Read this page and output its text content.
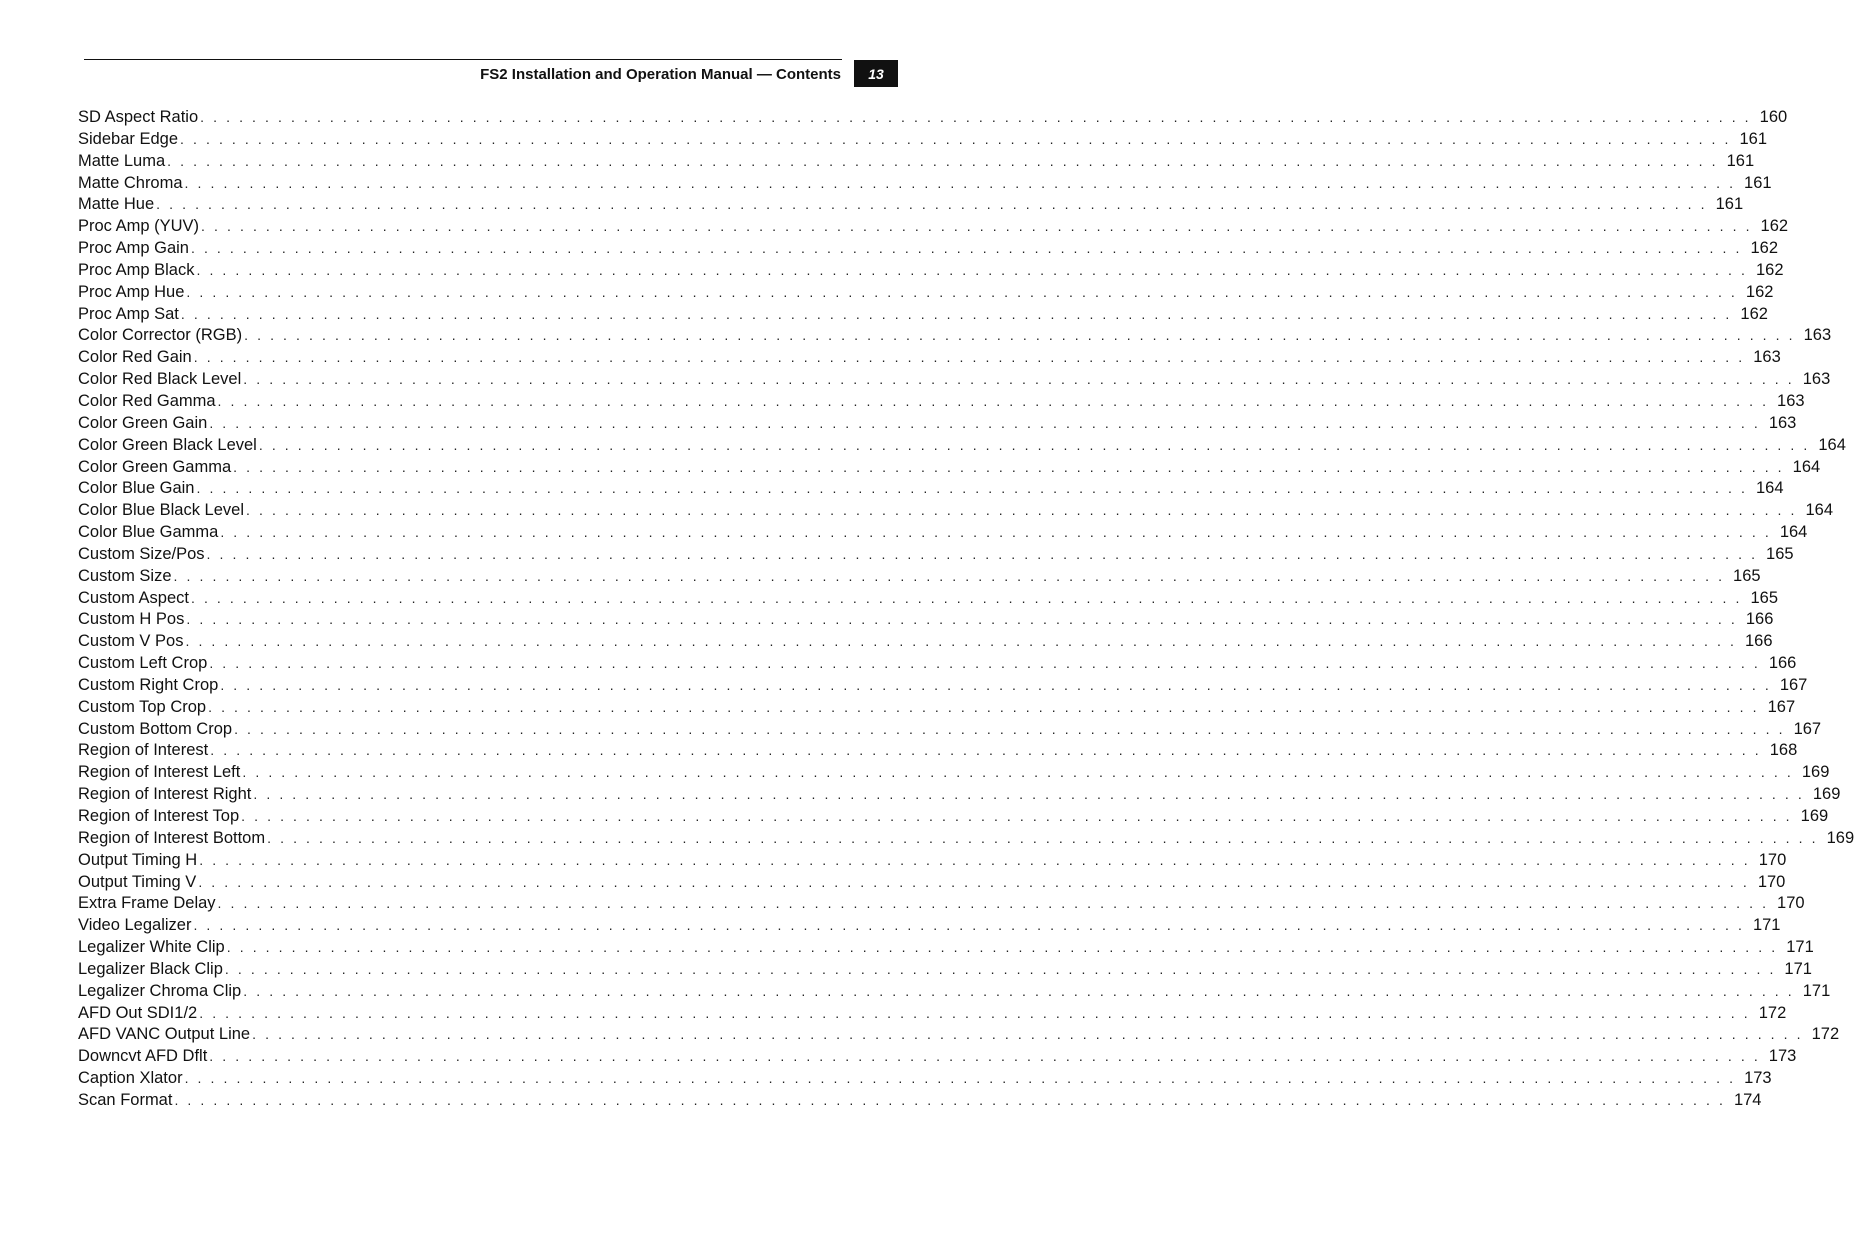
FS2 Installation and Operation Manual — Contents	13
SD Aspect Ratio . . . . . . . . . . . . . . . . . . . . . . . . . . . . . . . . . . . . . . . . . . . . . . . . . . . . . . . . . . . . . . . . . . . . . . . . . . . . . . . . . . . . . . . . . . . . . . . . . . . . . . . . . . . . . . . . . . . . . . . . 160
Sidebar Edge . . . . . . . . . . . . . . . . . . . . . . . . . . . . . . . . . . . . . . . . . . . . . . . . . . . . . . . . . . . . . . . . . . . . . . . . . . . . . . . . . . . . . . . . . . . . . . . . . . . . . . . . . . . . . . . . . . . . . . . . 161
Matte Luma . . . . . . . . . . . . . . . . . . . . . . . . . . . . . . . . . . . . . . . . . . . . . . . . . . . . . . . . . . . . . . . . . . . . . . . . . . . . . . . . . . . . . . . . . . . . . . . . . . . . . . . . . . . . . . . . . . . . . . . . 161
Matte Chroma . . . . . . . . . . . . . . . . . . . . . . . . . . . . . . . . . . . . . . . . . . . . . . . . . . . . . . . . . . . . . . . . . . . . . . . . . . . . . . . . . . . . . . . . . . . . . . . . . . . . . . . . . . . . . . . . . . . . . . . . 161
Matte Hue . . . . . . . . . . . . . . . . . . . . . . . . . . . . . . . . . . . . . . . . . . . . . . . . . . . . . . . . . . . . . . . . . . . . . . . . . . . . . . . . . . . . . . . . . . . . . . . . . . . . . . . . . . . . . . . . . . . . . . . . 161
Proc Amp (YUV) . . . . . . . . . . . . . . . . . . . . . . . . . . . . . . . . . . . . . . . . . . . . . . . . . . . . . . . . . . . . . . . . . . . . . . . . . . . . . . . . . . . . . . . . . . . . . . . . . . . . . . . . . . . . . . . . . . . . . . . . 162
Proc Amp Gain . . . . . . . . . . . . . . . . . . . . . . . . . . . . . . . . . . . . . . . . . . . . . . . . . . . . . . . . . . . . . . . . . . . . . . . . . . . . . . . . . . . . . . . . . . . . . . . . . . . . . . . . . . . . . . . . . . . . . . . . 162
Proc Amp Black . . . . . . . . . . . . . . . . . . . . . . . . . . . . . . . . . . . . . . . . . . . . . . . . . . . . . . . . . . . . . . . . . . . . . . . . . . . . . . . . . . . . . . . . . . . . . . . . . . . . . . . . . . . . . . . . . . . . . . . . 162
Proc Amp Hue . . . . . . . . . . . . . . . . . . . . . . . . . . . . . . . . . . . . . . . . . . . . . . . . . . . . . . . . . . . . . . . . . . . . . . . . . . . . . . . . . . . . . . . . . . . . . . . . . . . . . . . . . . . . . . . . . . . . . . . . 162
Proc Amp Sat . . . . . . . . . . . . . . . . . . . . . . . . . . . . . . . . . . . . . . . . . . . . . . . . . . . . . . . . . . . . . . . . . . . . . . . . . . . . . . . . . . . . . . . . . . . . . . . . . . . . . . . . . . . . . . . . . . . . . . . . 162
Color Corrector (RGB) . . . . . . . . . . . . . . . . . . . . . . . . . . . . . . . . . . . . . . . . . . . . . . . . . . . . . . . . . . . . . . . . . . . . . . . . . . . . . . . . . . . . . . . . . . . . . . . . . . . . . . . . . . . . . . . . . . . . . . . . 163
Color Red Gain . . . . . . . . . . . . . . . . . . . . . . . . . . . . . . . . . . . . . . . . . . . . . . . . . . . . . . . . . . . . . . . . . . . . . . . . . . . . . . . . . . . . . . . . . . . . . . . . . . . . . . . . . . . . . . . . . . . . . . . . 163
Color Red Black Level . . . . . . . . . . . . . . . . . . . . . . . . . . . . . . . . . . . . . . . . . . . . . . . . . . . . . . . . . . . . . . . . . . . . . . . . . . . . . . . . . . . . . . . . . . . . . . . . . . . . . . . . . . . . . . . . . . . . . . . . 163
Color Red Gamma . . . . . . . . . . . . . . . . . . . . . . . . . . . . . . . . . . . . . . . . . . . . . . . . . . . . . . . . . . . . . . . . . . . . . . . . . . . . . . . . . . . . . . . . . . . . . . . . . . . . . . . . . . . . . . . . . . . . . . . . 163
Color Green Gain . . . . . . . . . . . . . . . . . . . . . . . . . . . . . . . . . . . . . . . . . . . . . . . . . . . . . . . . . . . . . . . . . . . . . . . . . . . . . . . . . . . . . . . . . . . . . . . . . . . . . . . . . . . . . . . . . . . . . . . . 163
Color Green Black Level . . . . . . . . . . . . . . . . . . . . . . . . . . . . . . . . . . . . . . . . . . . . . . . . . . . . . . . . . . . . . . . . . . . . . . . . . . . . . . . . . . . . . . . . . . . . . . . . . . . . . . . . . . . . . . . . . . . . . . . . 164
Color Green Gamma . . . . . . . . . . . . . . . . . . . . . . . . . . . . . . . . . . . . . . . . . . . . . . . . . . . . . . . . . . . . . . . . . . . . . . . . . . . . . . . . . . . . . . . . . . . . . . . . . . . . . . . . . . . . . . . . . . . . . . . . 164
Color Blue Gain . . . . . . . . . . . . . . . . . . . . . . . . . . . . . . . . . . . . . . . . . . . . . . . . . . . . . . . . . . . . . . . . . . . . . . . . . . . . . . . . . . . . . . . . . . . . . . . . . . . . . . . . . . . . . . . . . . . . . . . . 164
Color Blue Black Level . . . . . . . . . . . . . . . . . . . . . . . . . . . . . . . . . . . . . . . . . . . . . . . . . . . . . . . . . . . . . . . . . . . . . . . . . . . . . . . . . . . . . . . . . . . . . . . . . . . . . . . . . . . . . . . . . . . . . . . . 164
Color Blue Gamma . . . . . . . . . . . . . . . . . . . . . . . . . . . . . . . . . . . . . . . . . . . . . . . . . . . . . . . . . . . . . . . . . . . . . . . . . . . . . . . . . . . . . . . . . . . . . . . . . . . . . . . . . . . . . . . . . . . . . . . . 164
Custom Size/Pos . . . . . . . . . . . . . . . . . . . . . . . . . . . . . . . . . . . . . . . . . . . . . . . . . . . . . . . . . . . . . . . . . . . . . . . . . . . . . . . . . . . . . . . . . . . . . . . . . . . . . . . . . . . . . . . . . . . . . . . . 165
Custom Size . . . . . . . . . . . . . . . . . . . . . . . . . . . . . . . . . . . . . . . . . . . . . . . . . . . . . . . . . . . . . . . . . . . . . . . . . . . . . . . . . . . . . . . . . . . . . . . . . . . . . . . . . . . . . . . . . . . . . . . . 165
Custom Aspect . . . . . . . . . . . . . . . . . . . . . . . . . . . . . . . . . . . . . . . . . . . . . . . . . . . . . . . . . . . . . . . . . . . . . . . . . . . . . . . . . . . . . . . . . . . . . . . . . . . . . . . . . . . . . . . . . . . . . . . . 165
Custom H Pos . . . . . . . . . . . . . . . . . . . . . . . . . . . . . . . . . . . . . . . . . . . . . . . . . . . . . . . . . . . . . . . . . . . . . . . . . . . . . . . . . . . . . . . . . . . . . . . . . . . . . . . . . . . . . . . . . . . . . . . . 166
Custom V Pos . . . . . . . . . . . . . . . . . . . . . . . . . . . . . . . . . . . . . . . . . . . . . . . . . . . . . . . . . . . . . . . . . . . . . . . . . . . . . . . . . . . . . . . . . . . . . . . . . . . . . . . . . . . . . . . . . . . . . . . . 166
Custom Left Crop . . . . . . . . . . . . . . . . . . . . . . . . . . . . . . . . . . . . . . . . . . . . . . . . . . . . . . . . . . . . . . . . . . . . . . . . . . . . . . . . . . . . . . . . . . . . . . . . . . . . . . . . . . . . . . . . . . . . . . . . 166
Custom Right Crop . . . . . . . . . . . . . . . . . . . . . . . . . . . . . . . . . . . . . . . . . . . . . . . . . . . . . . . . . . . . . . . . . . . . . . . . . . . . . . . . . . . . . . . . . . . . . . . . . . . . . . . . . . . . . . . . . . . . . . . . 167
Custom Top Crop . . . . . . . . . . . . . . . . . . . . . . . . . . . . . . . . . . . . . . . . . . . . . . . . . . . . . . . . . . . . . . . . . . . . . . . . . . . . . . . . . . . . . . . . . . . . . . . . . . . . . . . . . . . . . . . . . . . . . . . . 167
Custom Bottom Crop . . . . . . . . . . . . . . . . . . . . . . . . . . . . . . . . . . . . . . . . . . . . . . . . . . . . . . . . . . . . . . . . . . . . . . . . . . . . . . . . . . . . . . . . . . . . . . . . . . . . . . . . . . . . . . . . . . . . . . . . 167
Region of Interest . . . . . . . . . . . . . . . . . . . . . . . . . . . . . . . . . . . . . . . . . . . . . . . . . . . . . . . . . . . . . . . . . . . . . . . . . . . . . . . . . . . . . . . . . . . . . . . . . . . . . . . . . . . . . . . . . . . . . . . . 168
Region of Interest Left . . . . . . . . . . . . . . . . . . . . . . . . . . . . . . . . . . . . . . . . . . . . . . . . . . . . . . . . . . . . . . . . . . . . . . . . . . . . . . . . . . . . . . . . . . . . . . . . . . . . . . . . . . . . . . . . . . . . . . . . 169
Region of Interest Right . . . . . . . . . . . . . . . . . . . . . . . . . . . . . . . . . . . . . . . . . . . . . . . . . . . . . . . . . . . . . . . . . . . . . . . . . . . . . . . . . . . . . . . . . . . . . . . . . . . . . . . . . . . . . . . . . . . . . . . . 169
Region of Interest Top . . . . . . . . . . . . . . . . . . . . . . . . . . . . . . . . . . . . . . . . . . . . . . . . . . . . . . . . . . . . . . . . . . . . . . . . . . . . . . . . . . . . . . . . . . . . . . . . . . . . . . . . . . . . . . . . . . . . . . . . 169
Region of Interest Bottom . . . . . . . . . . . . . . . . . . . . . . . . . . . . . . . . . . . . . . . . . . . . . . . . . . . . . . . . . . . . . . . . . . . . . . . . . . . . . . . . . . . . . . . . . . . . . . . . . . . . . . . . . . . . . . . . . . . . . . . . 169
Output Timing H . . . . . . . . . . . . . . . . . . . . . . . . . . . . . . . . . . . . . . . . . . . . . . . . . . . . . . . . . . . . . . . . . . . . . . . . . . . . . . . . . . . . . . . . . . . . . . . . . . . . . . . . . . . . . . . . . . . . . . . . 170
Output Timing V . . . . . . . . . . . . . . . . . . . . . . . . . . . . . . . . . . . . . . . . . . . . . . . . . . . . . . . . . . . . . . . . . . . . . . . . . . . . . . . . . . . . . . . . . . . . . . . . . . . . . . . . . . . . . . . . . . . . . . . . 170
Extra Frame Delay . . . . . . . . . . . . . . . . . . . . . . . . . . . . . . . . . . . . . . . . . . . . . . . . . . . . . . . . . . . . . . . . . . . . . . . . . . . . . . . . . . . . . . . . . . . . . . . . . . . . . . . . . . . . . . . . . . . . . . . . 170
Video Legalizer . . . . . . . . . . . . . . . . . . . . . . . . . . . . . . . . . . . . . . . . . . . . . . . . . . . . . . . . . . . . . . . . . . . . . . . . . . . . . . . . . . . . . . . . . . . . . . . . . . . . . . . . . . . . . . . . . . . . . . . . 171
Legalizer White Clip . . . . . . . . . . . . . . . . . . . . . . . . . . . . . . . . . . . . . . . . . . . . . . . . . . . . . . . . . . . . . . . . . . . . . . . . . . . . . . . . . . . . . . . . . . . . . . . . . . . . . . . . . . . . . . . . . . . . . . . . 171
Legalizer Black Clip . . . . . . . . . . . . . . . . . . . . . . . . . . . . . . . . . . . . . . . . . . . . . . . . . . . . . . . . . . . . . . . . . . . . . . . . . . . . . . . . . . . . . . . . . . . . . . . . . . . . . . . . . . . . . . . . . . . . . . . . 171
Legalizer Chroma Clip . . . . . . . . . . . . . . . . . . . . . . . . . . . . . . . . . . . . . . . . . . . . . . . . . . . . . . . . . . . . . . . . . . . . . . . . . . . . . . . . . . . . . . . . . . . . . . . . . . . . . . . . . . . . . . . . . . . . . . . . 171
AFD Out SDI1/2 . . . . . . . . . . . . . . . . . . . . . . . . . . . . . . . . . . . . . . . . . . . . . . . . . . . . . . . . . . . . . . . . . . . . . . . . . . . . . . . . . . . . . . . . . . . . . . . . . . . . . . . . . . . . . . . . . . . . . . . . 172
AFD VANC Output Line . . . . . . . . . . . . . . . . . . . . . . . . . . . . . . . . . . . . . . . . . . . . . . . . . . . . . . . . . . . . . . . . . . . . . . . . . . . . . . . . . . . . . . . . . . . . . . . . . . . . . . . . . . . . . . . . . . . . . . . . 172
Downcvt AFD Dflt . . . . . . . . . . . . . . . . . . . . . . . . . . . . . . . . . . . . . . . . . . . . . . . . . . . . . . . . . . . . . . . . . . . . . . . . . . . . . . . . . . . . . . . . . . . . . . . . . . . . . . . . . . . . . . . . . . . . . . . . 173
Caption Xlator . . . . . . . . . . . . . . . . . . . . . . . . . . . . . . . . . . . . . . . . . . . . . . . . . . . . . . . . . . . . . . . . . . . . . . . . . . . . . . . . . . . . . . . . . . . . . . . . . . . . . . . . . . . . . . . . . . . . . . . . 173
Scan Format . . . . . . . . . . . . . . . . . . . . . . . . . . . . . . . . . . . . . . . . . . . . . . . . . . . . . . . . . . . . . . . . . . . . . . . . . . . . . . . . . . . . . . . . . . . . . . . . . . . . . . . . . . . . . . . . . . . . . . . . 174
